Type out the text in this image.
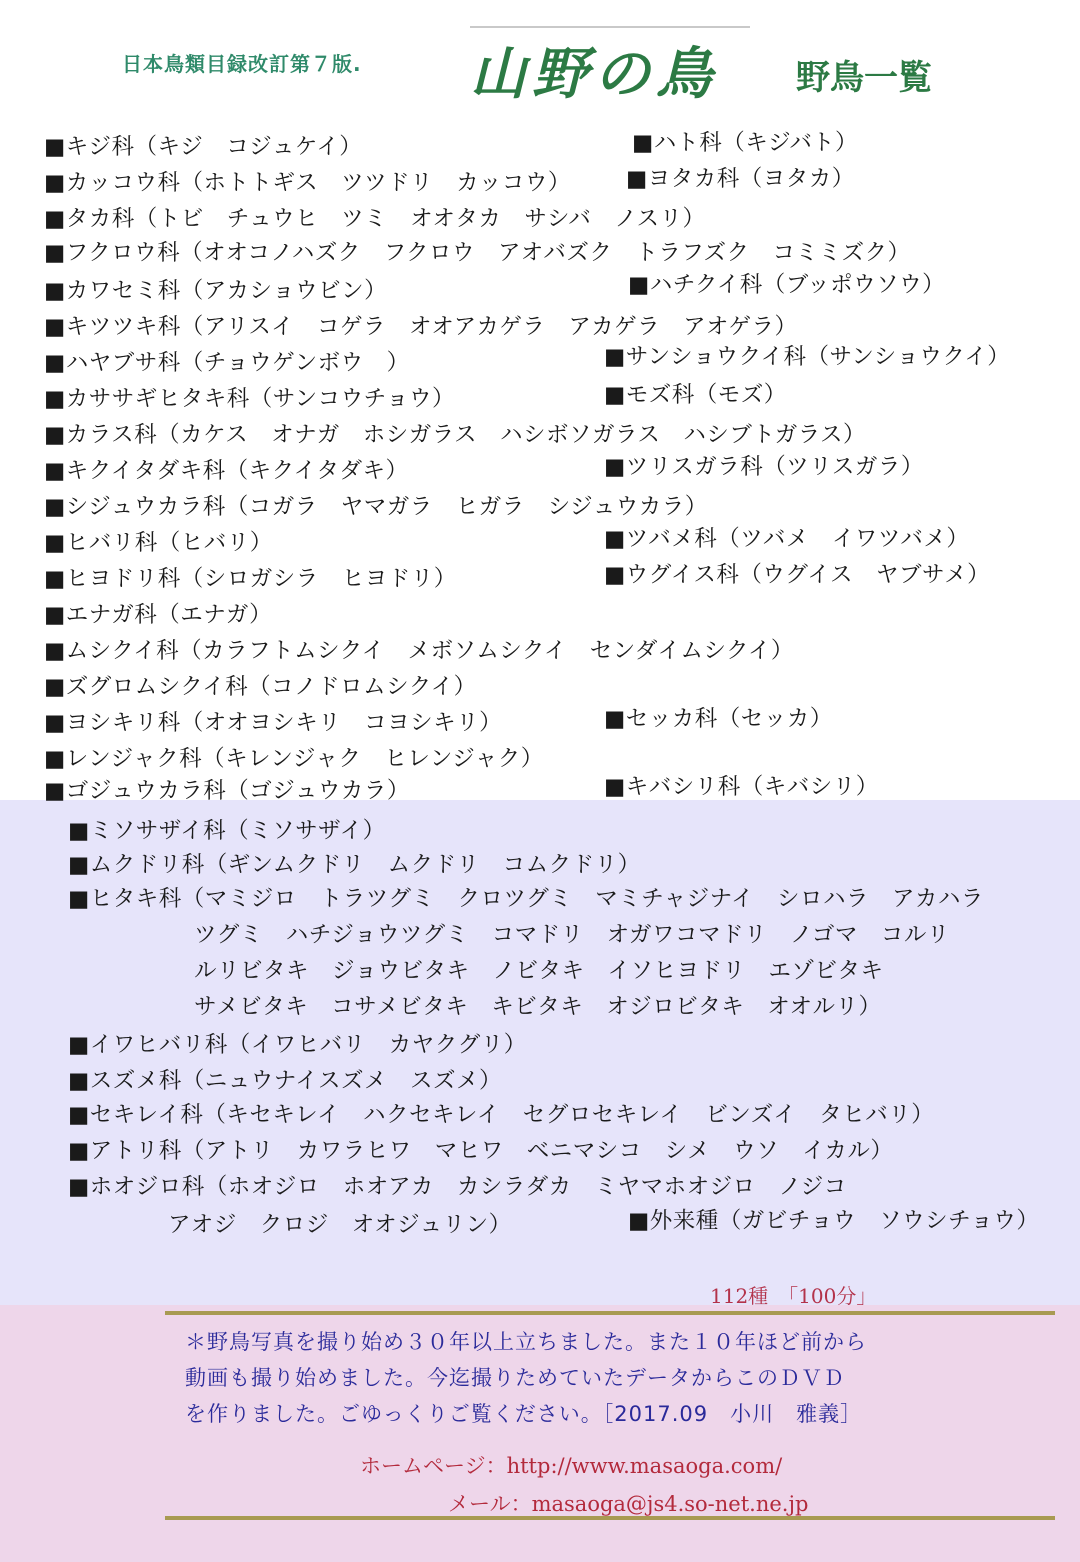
日本鳥類目録改訂第７版. 山野の鳥 野鳥一覧
■キジ科（キジ　コジュケイ）	■ハト科（キジバト）
■カッコウ科（ホトトギス　ツツドリ　カッコウ） ■ヨタカ科（ヨタカ）
■タカ科（トビ　チュウヒ　ツミ　オオタカ　サシバ　ノスリ）
■フクロウ科（オオコノハズク　フクロウ　アオバズク　トラフズク　コミミズク）
■カワセミ科（アカショウビン）	■ハチクイ科（ブッポウソウ）
■キツツキ科（アリスイ　コゲラ　オオアカゲラ　アカゲラ　アオゲラ）
■ハヤブサ科（チョウゲンボウ　）	■サンショウクイ科（サンショウクイ）
■カササギヒタキ科（サンコウチョウ）	■モズ科（モズ）
■カラス科（カケス　オナガ　ホシガラス　ハシボソガラス　ハシブトガラス）
■キクイタダキ科（キクイタダキ）	■ツリスガラ科（ツリスガラ）
■シジュウカラ科（コガラ　ヤマガラ　ヒガラ　シジュウカラ）
■ヒバリ科（ヒバリ）	■ツバメ科（ツバメ　イワツバメ）
■ヒヨドリ科（シロガシラ　ヒヨドリ）	■ウグイス科（ウグイス　ヤブサメ）
■エナガ科（エナガ）
■ムシクイ科（カラフトムシクイ　メボソムシクイ　センダイムシクイ）
■ズグロムシクイ科（コノドロムシクイ）
■ヨシキリ科（オオヨシキリ　コヨシキリ）	■セッカ科（セッカ）
■レンジャク科（キレンジャク　ヒレンジャク）
■ゴジュウカラ科（ゴジュウカラ）	■キバシリ科（キバシリ）
■ミソサザイ科（ミソサザイ）
■ムクドリ科（ギンムクドリ　ムクドリ　コムクドリ）
■ヒタキ科（マミジロ　トラツグミ　クロツグミ　マミチャジナイ　シロハラ　アカハラ
ツグミ　ハチジョウツグミ　コマドリ　オガワコマドリ　ノゴマ　コルリ
ルリビタキ　ジョウビタキ　ノビタキ　イソヒヨドリ　エゾビタキ
サメビタキ　コサメビタキ　キビタキ　オジロビタキ　オオルリ）
■イワヒバリ科（イワヒバリ　カヤクグリ）
■スズメ科（ニュウナイスズメ　スズメ）
■セキレイ科（キセキレイ　ハクセキレイ　セグロセキレイ　ビンズイ　タヒバリ）
■アトリ科（アトリ　カワラヒワ　マヒワ　ベニマシコ　シメ　ウソ　イカル）
■ホオジロ科（ホオジロ　ホオアカ　カシラダカ　ミヤマホオジロ　ノジコ
アオジ　クロジ　オオジュリン）	■外来種（ガビチョウ　ソウシチョウ）
112種　「100分」
＊野鳥写真を撮り始め３０年以上立ちました。また１０年ほど前から
動画も撮り始めました。今迄撮りためていたデータからこのＤＶＤ
を作りました。ごゆっくりご覧ください。［2017.09　小川　雅義］
ホームページ：http://www.masaoga.com/
メール：masaoga@js4.so-net.ne.jp
